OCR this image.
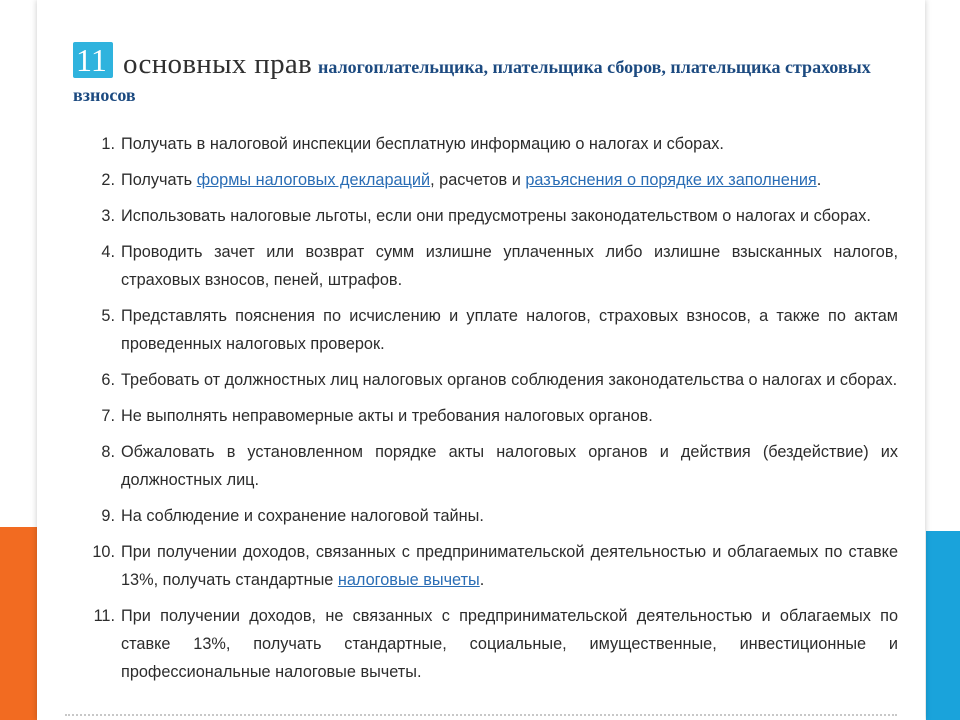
11 основных прав налогоплательщика, плательщика сборов, плательщика страховых взносов
1. Получать в налоговой инспекции бесплатную информацию о налогах и сборах.
2. Получать формы налоговых деклараций, расчетов и разъяснения о порядке их заполнения.
3. Использовать налоговые льготы, если они предусмотрены законодательством о налогах и сборах.
4. Проводить зачет или возврат сумм излишне уплаченных либо излишне взысканных налогов, страховых взносов, пеней, штрафов.
5. Представлять пояснения по исчислению и уплате налогов, страховых взносов, а также по актам проведенных налоговых проверок.
6. Требовать от должностных лиц налоговых органов соблюдения законодательства о налогах и сборах.
7. Не выполнять неправомерные акты и требования налоговых органов.
8. Обжаловать в установленном порядке акты налоговых органов и действия (бездействие) их должностных лиц.
9. На соблюдение и сохранение налоговой тайны.
10. При получении доходов, связанных с предпринимательской деятельностью и облагаемых по ставке 13%, получать стандартные налоговые вычеты.
11. При получении доходов, не связанных с предпринимательской деятельностью и облагаемых по ставке 13%, получать стандартные, социальные, имущественные, инвестиционные и профессиональные налоговые вычеты.
